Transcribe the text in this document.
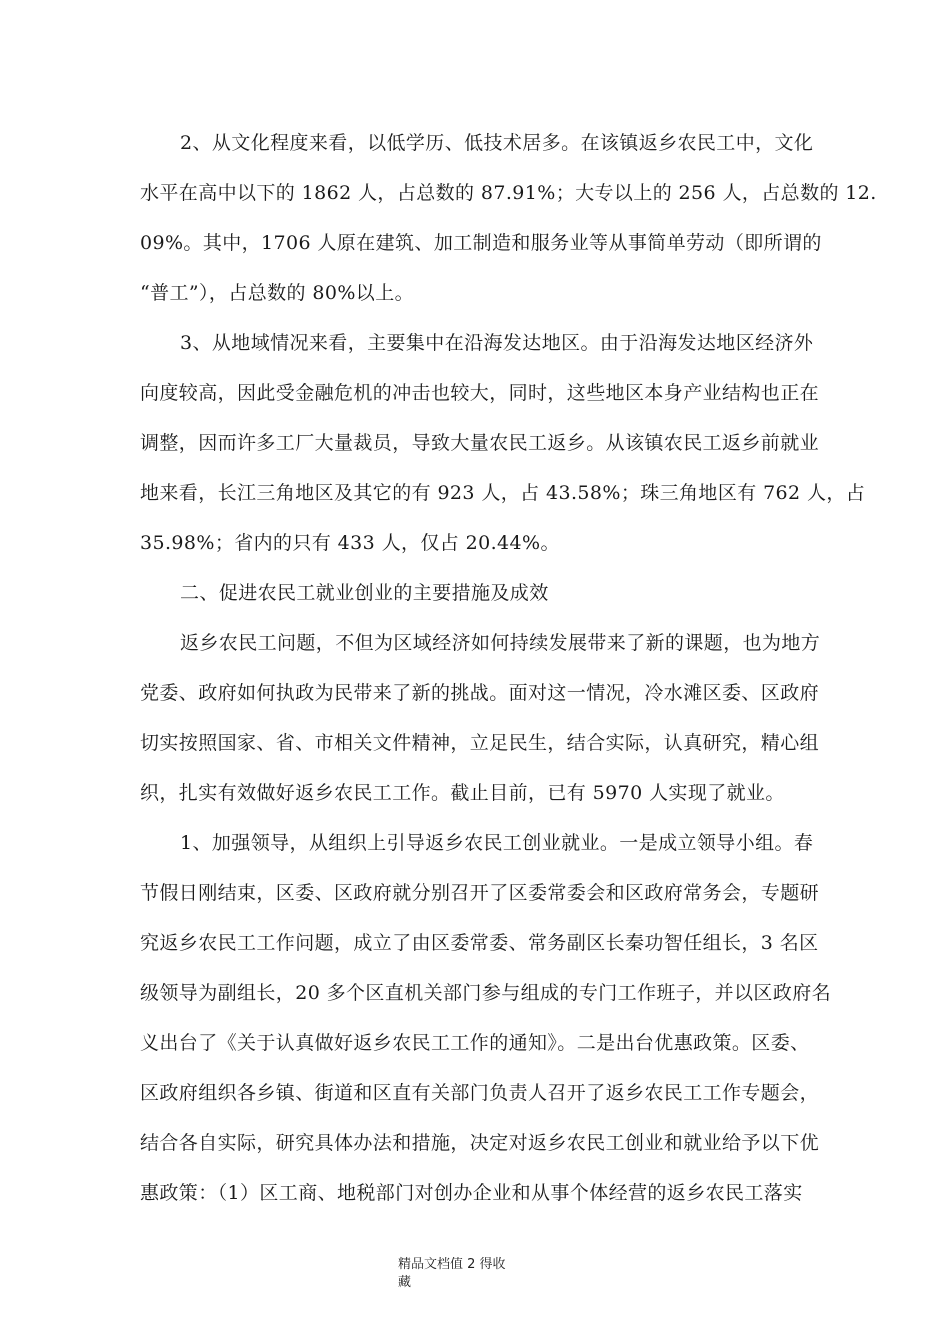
2、从文化程度来看，以低学历、低技术居多。在该镇返乡农民工中，文化
水平在高中以下的 1862 人，占总数的 87.91%；大专以上的 256 人，占总数的 12.
09%。其中，1706 人原在建筑、加工制造和服务业等从事简单劳动（即所谓的
“普工”），占总数的 80%以上。
3、从地域情况来看，主要集中在沿海发达地区。由于沿海发达地区经济外
向度较高，因此受金融危机的冲击也较大，同时，这些地区本身产业结构也正在
调整，因而许多工厂大量裁员，导致大量农民工返乡。从该镇农民工返乡前就业
地来看，长江三角地区及其它的有 923 人，占 43.58%；珠三角地区有 762 人，占
35.98%；省内的只有 433 人，仅占 20.44%。
二、促进农民工就业创业的主要措施及成效
返乡农民工问题，不但为区域经济如何持续发展带来了新的课题，也为地方
党委、政府如何执政为民带来了新的挑战。面对这一情况，冷水滩区委、区政府
切实按照国家、省、市相关文件精神，立足民生，结合实际，认真研究，精心组
织，扎实有效做好返乡农民工工作。截止目前，已有 5970 人实现了就业。
1、加强领导，从组织上引导返乡农民工创业就业。一是成立领导小组。春
节假日刚结束，区委、区政府就分别召开了区委常委会和区政府常务会，专题研
究返乡农民工工作问题，成立了由区委常委、常务副区长秦功智任组长，3 名区
级领导为副组长，20 多个区直机关部门参与组成的专门工作班子，并以区政府名
义出台了《关于认真做好返乡农民工工作的通知》。二是出台优惠政策。区委、
区政府组织各乡镇、街道和区直有关部门负责人召开了返乡农民工工作专题会，
结合各自实际，研究具体办法和措施，决定对返乡农民工创业和就业给予以下优
惠政策：（1）区工商、地税部门对创办企业和从事个体经营的返乡农民工落实
精品文档值 2 得收
藏
